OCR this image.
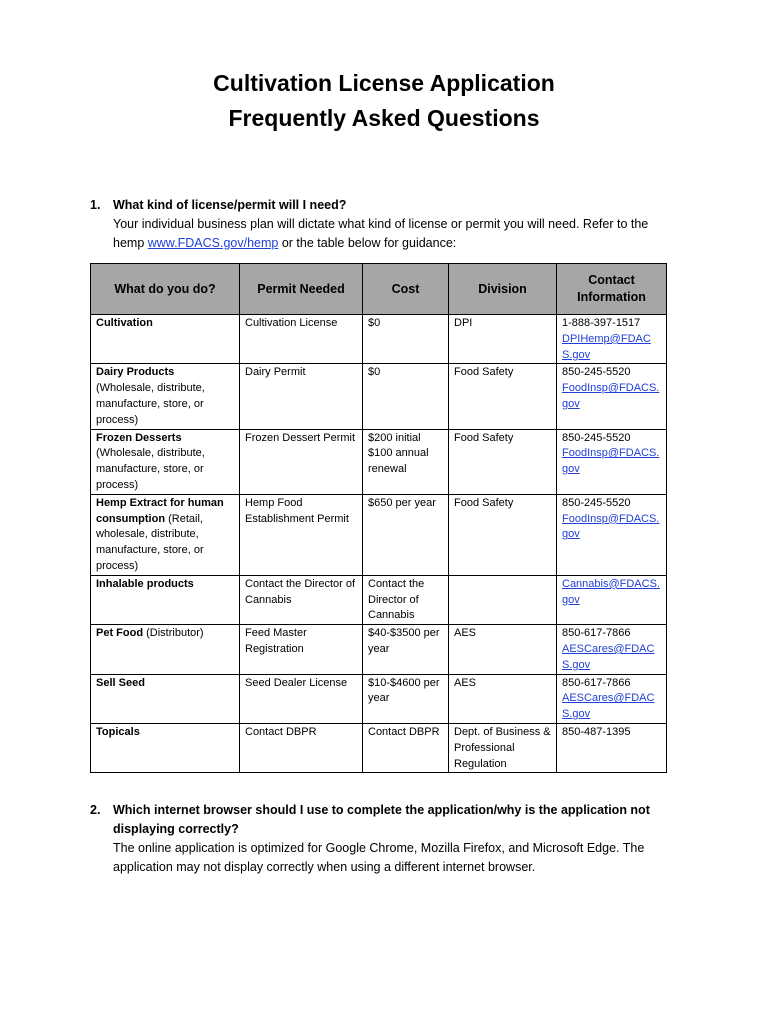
Cultivation License Application
Frequently Asked Questions
1. What kind of license/permit will I need?
Your individual business plan will dictate what kind of license or permit you will need. Refer to the hemp www.FDACS.gov/hemp or the table below for guidance:
What do you do?	Permit Needed	Cost	Division	Contact Information
Cultivation	Cultivation License	$0	DPI	1-888-397-1517
DPIHemp@FDACS.gov

Dairy Products (Wholesale, distribute, manufacture, store, or process)	Dairy Permit	$0	Food Safety	850-245-5520
FoodInsp@FDACS.gov

Frozen Desserts (Wholesale, distribute, manufacture, store, or process)	Frozen Dessert Permit	$200 initial $100 annual renewal	Food Safety	850-245-5520
FoodInsp@FDACS.gov

Hemp Extract for human consumption (Retail, wholesale, distribute, manufacture, store, or process)	Hemp Food Establishment Permit	$650 per year	Food Safety	850-245-5520
FoodInsp@FDACS.gov

Inhalable products	Contact the Director of Cannabis	Contact the Director of Cannabis		Cannabis@FDACS.gov

Pet Food (Distributor)	Feed Master Registration	$40-$3500 per year	AES	850-617-7866
AESCares@FDACS.gov

Sell Seed	Seed Dealer License	$10-$4600 per year	AES	850-617-7866
AESCares@FDACS.gov

Topicals	Contact DBPR	Contact DBPR	Dept. of Business & Professional Regulation	850-487-1395
2. Which internet browser should I use to complete the application/why is the application not displaying correctly?
The online application is optimized for Google Chrome, Mozilla Firefox, and Microsoft Edge. The application may not display correctly when using a different internet browser.
